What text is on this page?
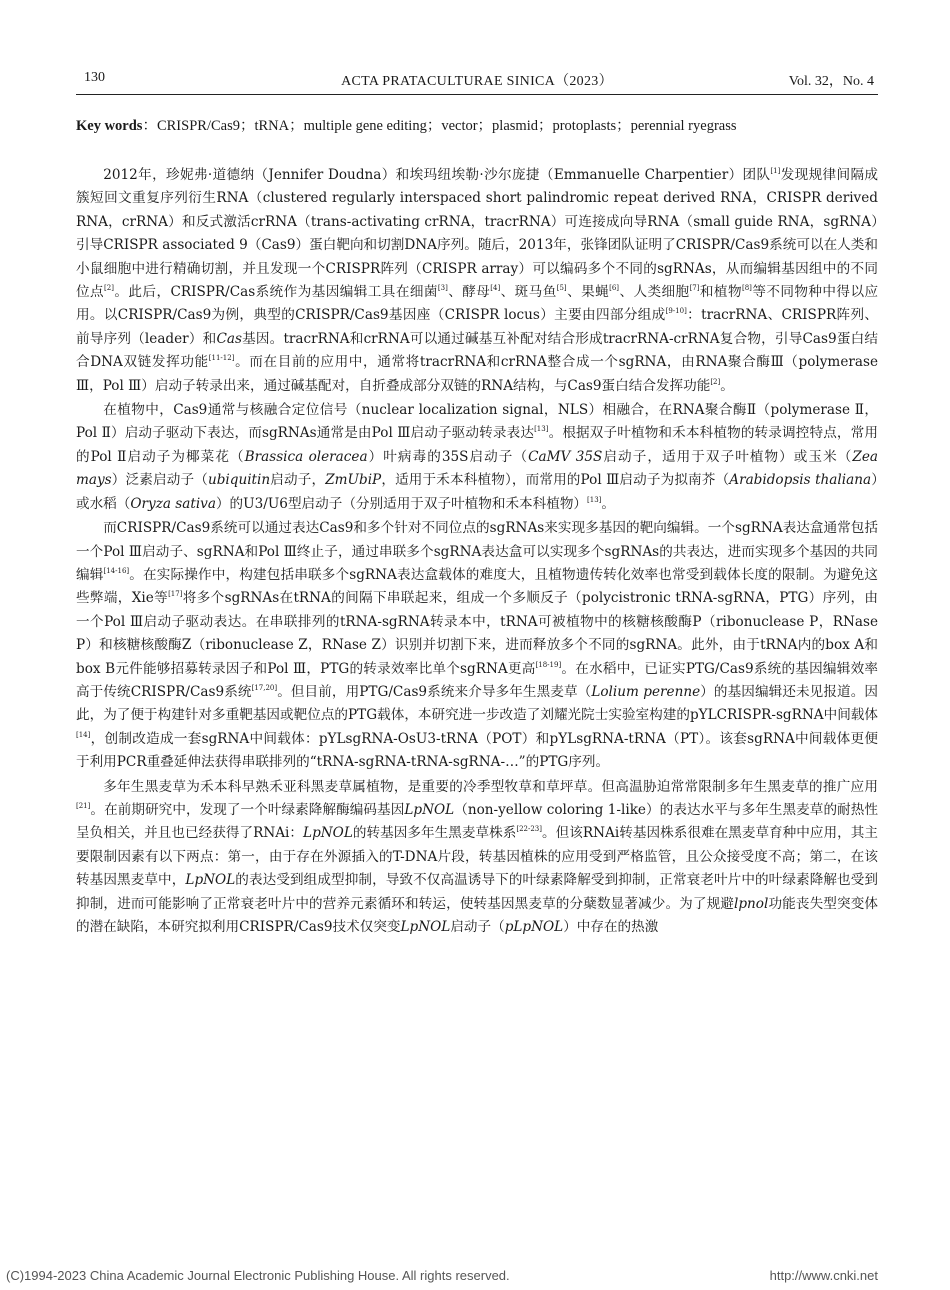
ACTA PRATACULTURAE SINICA（2023）
130	Vol. 32，No. 4
Key words：CRISPR/Cas9；tRNA；multiple gene editing；vector；plasmid；protoplasts；perennial ryegrass

2012年，珍妮弗·道德纳（Jennifer Doudna）和埃玛纽埃勒·沙尔庞捷（Emmanuelle Charpentier）团队[1]发现规律间隔成簇短回文重复序列衍生RNA（clustered regularly interspaced short palindromic repeat derived RNA，CRISPR derived RNA，crRNA）和反式激活crRNA（trans-activating crRNA，tracrRNA）可连接成向导RNA（small guide RNA，sgRNA）引导CRISPR associated 9（Cas9）蛋白靶向和切割DNA序列。随后，2013年，张锋团队证明了CRISPR/Cas9系统可以在人类和小鼠细胞中进行精确切割，并且发现一个CRISPR阵列（CRISPR array）可以编码多个不同的sgRNAs，从而编辑基因组中的不同位点[2]。此后，CRISPR/Cas系统作为基因编辑工具在细菌[3]、酵母[4]、斑马鱼[5]、果蝇[6]、人类细胞[7]和植物[8]等不同物种中得以应用。以CRISPR/Cas9为例，典型的CRISPR/Cas9基因座（CRISPR locus）主要由四部分组成[9-10]：tracrRNA、CRISPR阵列、前导序列（leader）和Cas基因。tracrRNA和crRNA可以通过碱基互补配对结合形成tracrRNA-crRNA复合物，引导Cas9蛋白结合DNA双链发挥功能[11-12]。而在目前的应用中，通常将tracrRNA和crRNA整合成一个sgRNA，由RNA聚合酶Ⅲ（polymerase Ⅲ，Pol Ⅲ）启动子转录出来，通过碱基配对，自折叠成部分双链的RNA结构，与Cas9蛋白结合发挥功能[2]。

在植物中，Cas9通常与核融合定位信号（nuclear localization signal，NLS）相融合，在RNA聚合酶Ⅱ（polymerase Ⅱ，Pol Ⅱ）启动子驱动下表达，而sgRNAs通常是由Pol Ⅲ启动子驱动转录表达[13]。根据双子叶植物和禾本科植物的转录调控特点，常用的Pol Ⅱ启动子为椰菜花（Brassica oleracea）叶病毒的35S启动子（CaMV 35S启动子，适用于双子叶植物）或玉米（Zea mays）泛素启动子（ubiquitin启动子，ZmUbiP，适用于禾本科植物），而常用的Pol Ⅲ启动子为拟南芥（Arabidopsis thaliana）或水稻（Oryza sativa）的U3/U6型启动子（分别适用于双子叶植物和禾本科植物）[13]。

而CRISPR/Cas9系统可以通过表达Cas9和多个针对不同位点的sgRNAs来实现多基因的靶向编辑。一个sgRNA表达盒通常包括一个Pol Ⅲ启动子、sgRNA和Pol Ⅲ终止子，通过串联多个sgRNA表达盒可以实现多个sgRNAs的共表达，进而实现多个基因的共同编辑[14-16]。在实际操作中，构建包括串联多个sgRNA表达盒载体的难度大，且植物遗传转化效率也常受到载体长度的限制。为避免这些弊端，Xie等[17]将多个sgRNAs在tRNA的间隔下串联起来，组成一个多顺反子（polycistronic tRNA-sgRNA，PTG）序列，由一个Pol Ⅲ启动子驱动表达。在串联排列的tRNA-sgRNA转录本中，tRNA可被植物中的核糖核酸酶P（ribonuclease P，RNase P）和核糖核酸酶Z（ribonuclease Z，RNase Z）识别并切割下来，进而释放多个不同的sgRNA。此外，由于tRNA内的box A和box B元件能够招募转录因子和Pol Ⅲ，PTG的转录效率比单个sgRNA更高[18-19]。在水稻中，已证实PTG/Cas9系统的基因编辑效率高于传统CRISPR/Cas9系统[17,20]。但目前，用PTG/Cas9系统来介导多年生黑麦草（Lolium perenne）的基因编辑还未见报道。因此，为了便于构建针对多重靶基因或靶位点的PTG载体，本研究进一步改造了刘耀光院士实验室构建的pYLCRISPR-sgRNA中间载体[14]，创制改造成一套sgRNA中间载体：pYLsgRNA-OsU3-tRNA（POT）和pYLsgRNA-tRNA（PT）。该套sgRNA中间载体更便于利用PCR重叠延伸法获得串联排列的“tRNA-sgRNA-tRNA-sgRNA-…”的PTG序列。

多年生黑麦草为禾本科早熟禾亚科黑麦草属植物，是重要的冷季型牧草和草坪草。但高温胁迫常常限制多年生黑麦草的推广应用[21]。在前期研究中，发现了一个叶绿素降解酶编码基因LpNOL（non-yellow coloring 1-like）的表达水平与多年生黑麦草的耐热性呈负相关，并且也已经获得了RNAi：LpNOL的转基因多年生黑麦草株系[22-23]。但该RNAi转基因株系很难在黑麦草育种中应用，其主要限制因素有以下两点：第一，由于存在外源插入的T-DNA片段，转基因植株的应用受到严格监管，且公众接受度不高；第二，在该转基因黑麦草中，LpNOL的表达受到组成型抑制，导致不仅高温诱导下的叶绿素降解受到抑制，正常衰老叶片中的叶绿素降解也受到抑制，进而可能影响了正常衰老叶片中的营养元素循环和转运，使转基因黑麦草的分蘖数显著减少。为了规避lpnol功能丧失型突变体的潜在缺陷，本研究拟利用CRISPR/Cas9技术仅突变LpNOL启动子（pLpNOL）中存在的热激

(C)1994-2023 China Academic Journal Electronic Publishing House. All rights reserved.	http://www.cnki.net
